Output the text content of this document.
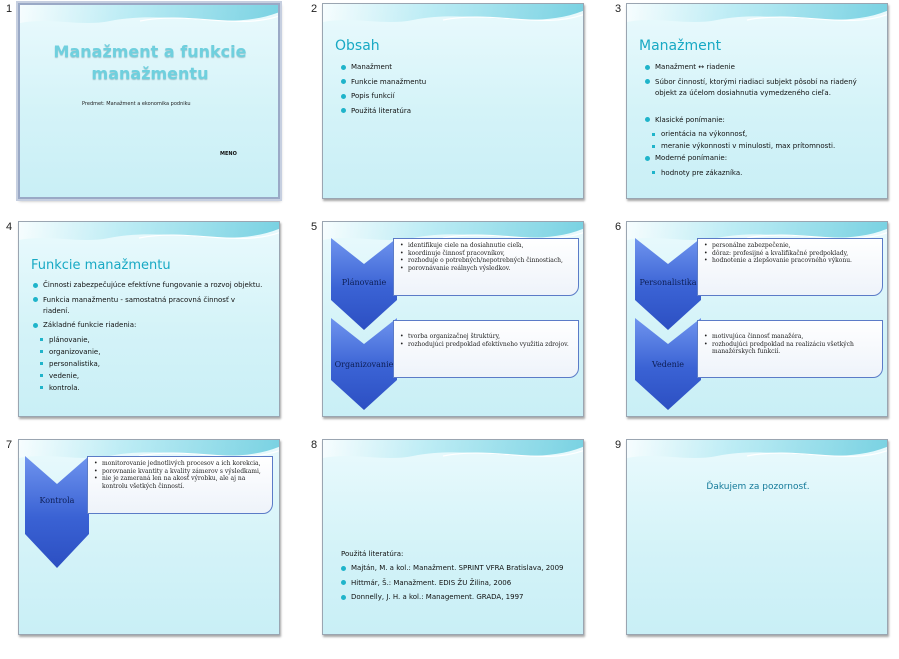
1	2	3
4	5	6
7	8	9
Manažment a funkcie manažmentu
Predmet: Manažment a ekonomika podniku
MENO
Obsah
Manažment
Funkcie manažmentu
Popis funkcií
Použitá literatúra
Manažment
Manažment ↔ riadenie
Súbor činností, ktorými riadiaci subjekt pôsobí na riadený objekt za účelom dosiahnutia vymedzeného cieľa.
Klasické ponímanie:
orientácia na výkonnosť,
meranie výkonnosti v minulosti, max prítomnosti.
Moderné ponímanie:
hodnoty pre zákazníka.
Funkcie manažmentu
Činnosti zabezpečujúce efektívne fungovanie a rozvoj objektu.
Funkcia manažmentu - samostatná pracovná činnosť v riadení.
Základné funkcie riadenia:
plánovanie,
organizovanie,
personalistika,
vedenie,
kontrola.
Plánovanie
• identifikuje ciele na dosiahnutie cieľa,
• koordinuje činnosť pracovníkov,
• rozhoduje o potrebných/nepotrebných činnostiach,
• porovnávanie reálnych výsledkov.
Organizovanie
• tvorba organizačnej štruktúry,
• rozhodujúci predpoklad efektívneho využitia zdrojov.
Personalistika
• personálne zabezpečenie,
• dôraz: profesijné a kvalifikačné predpoklady,
• hodnotenie a zlepšovanie pracovného výkonu.
Vedenie
• motivujúca činnosť manažéra,
• rozhodujúci predpoklad na realizáciu všetkých manažérskych funkcií.
Kontrola
• monitorovanie jednotlivých procesov a ich korekcia,
• porovnanie kvantity a kvality zámerov s výsledkami,
• nie je zameraná len na akosť výrobku, ale aj na kontrolu všetkých činností.
Použitá literatúra:
Majtán, M. a kol.: Manažment. SPRINT VFRA Bratislava, 2009
Hittmár, Š.: Manažment. EDIS ŽU Žilina, 2006
Donnelly, J. H. a kol.: Management. GRADA, 1997
Ďakujem za pozornosť.
